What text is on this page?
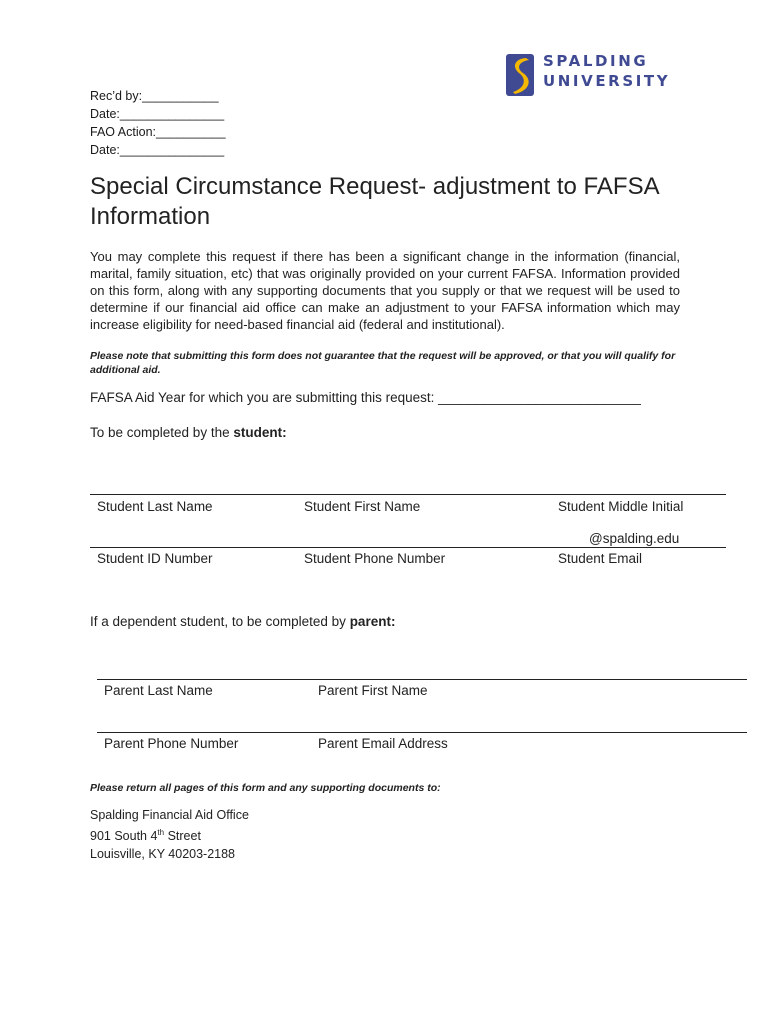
Rec’d by:___________
Date:_______________
FAO Action:__________
Date:_______________
SPALDING
UNIVERSITY
Special Circumstance Request- adjustment to FAFSA
Information
You may complete this request if there has been a significant change in the information (financial, marital, family situation, etc) that was originally provided on your current FAFSA. Information provided on this form, along with any supporting documents that you supply or that we request will be used to determine if our financial aid office can make an adjustment to your FAFSA information which may increase eligibility for need-based financial aid (federal and institutional).
Please note that submitting this form does not guarantee that the request will be approved, or that you will qualify for additional aid.
FAFSA Aid Year for which you are submitting this request: ___________________________
To be completed by the student:
Student Last Name	Student First Name	Student Middle Initial
@spalding.edu
Student ID Number	Student Phone Number	Student Email
If a dependent student, to be completed by parent:
Parent Last Name	Parent First Name
Parent Phone Number	Parent Email Address
Please return all pages of this form and any supporting documents to:
Spalding Financial Aid Office
901 South 4th Street
Louisville, KY 40203-2188
